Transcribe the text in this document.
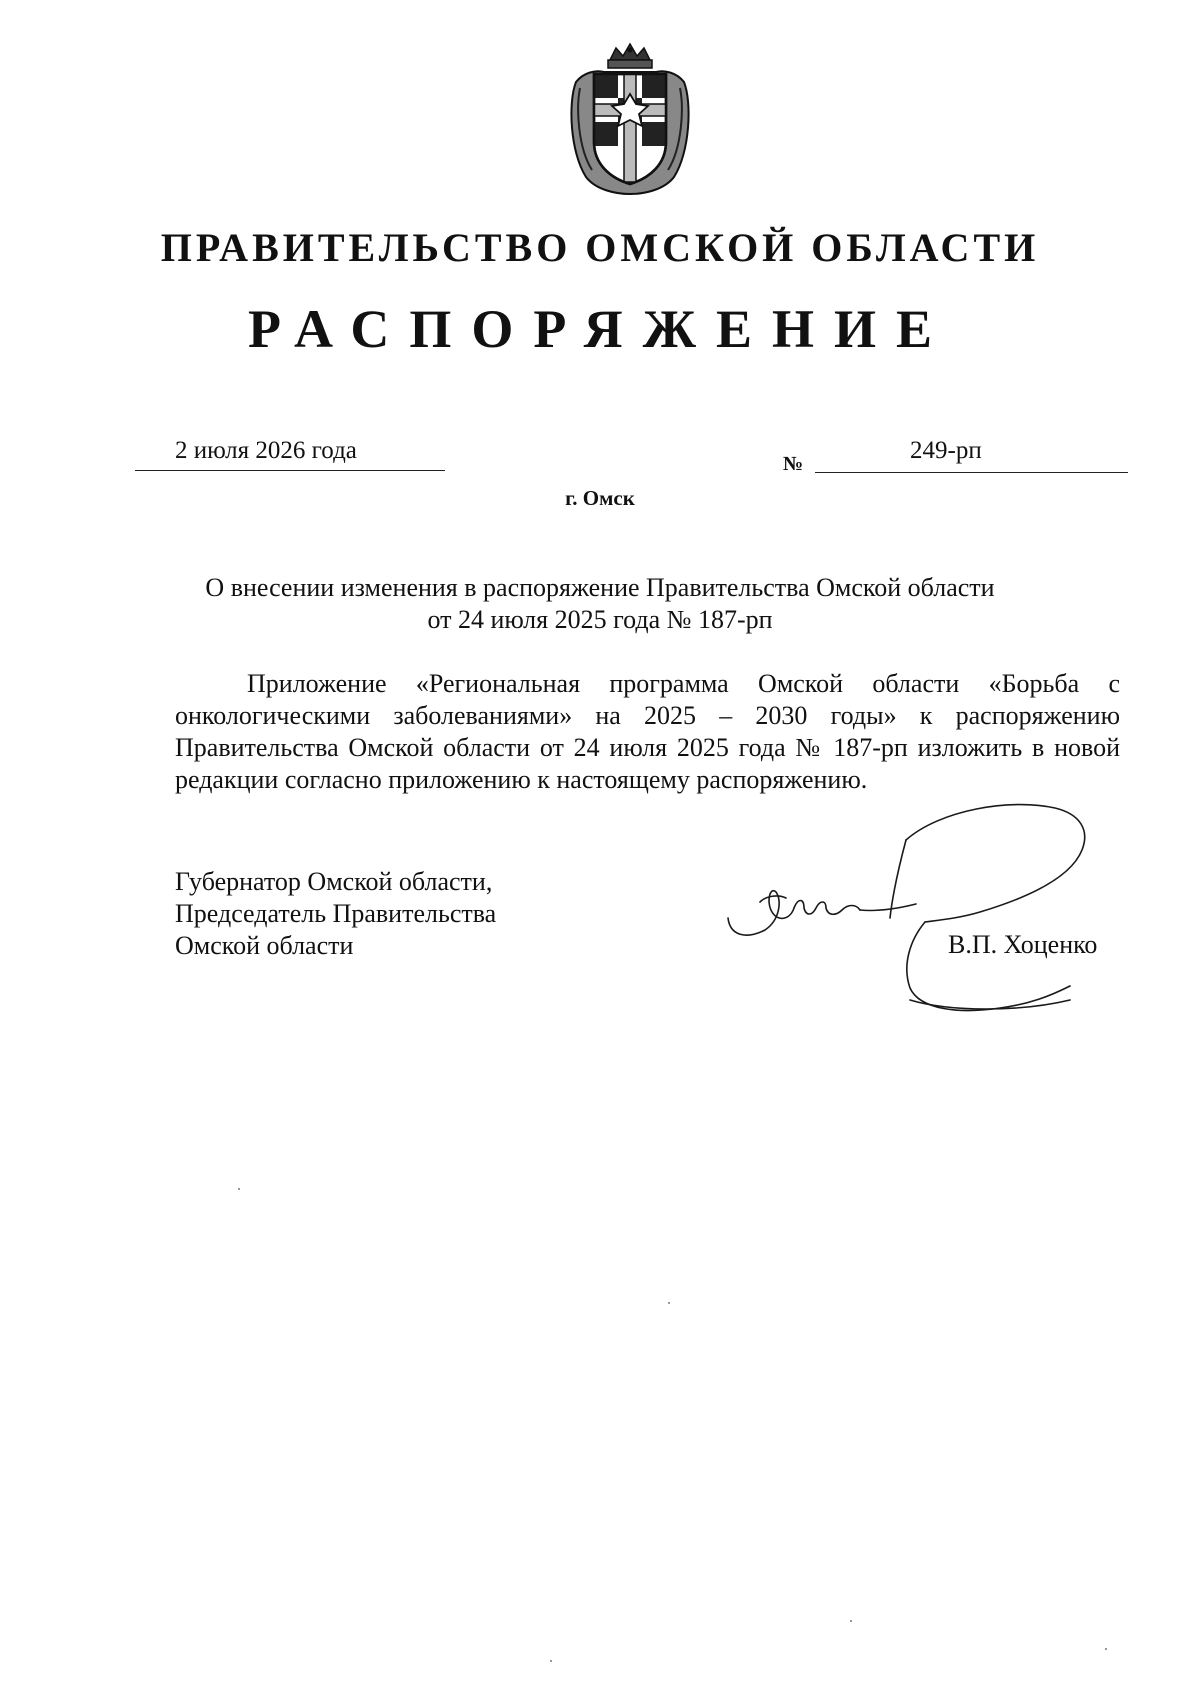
ПРАВИТЕЛЬСТВО ОМСКОЙ ОБЛАСТИ
РАСПОРЯЖЕНИЕ
2 июля 2026 года	№	249-рп
г. Омск
О внесении изменения в распоряжение Правительства Омской области
от 24 июля 2025 года № 187-рп

Приложение «Региональная программа Омской области «Борьба с онкологическими заболеваниями» на 2025 – 2030 годы» к распоряжению Правительства Омской области от 24 июля 2025 года № 187-рп изложить в новой редакции согласно приложению к настоящему распоряжению.

Губернатор Омской области,
Председатель Правительства
Омской области	В.П. Хоценко
